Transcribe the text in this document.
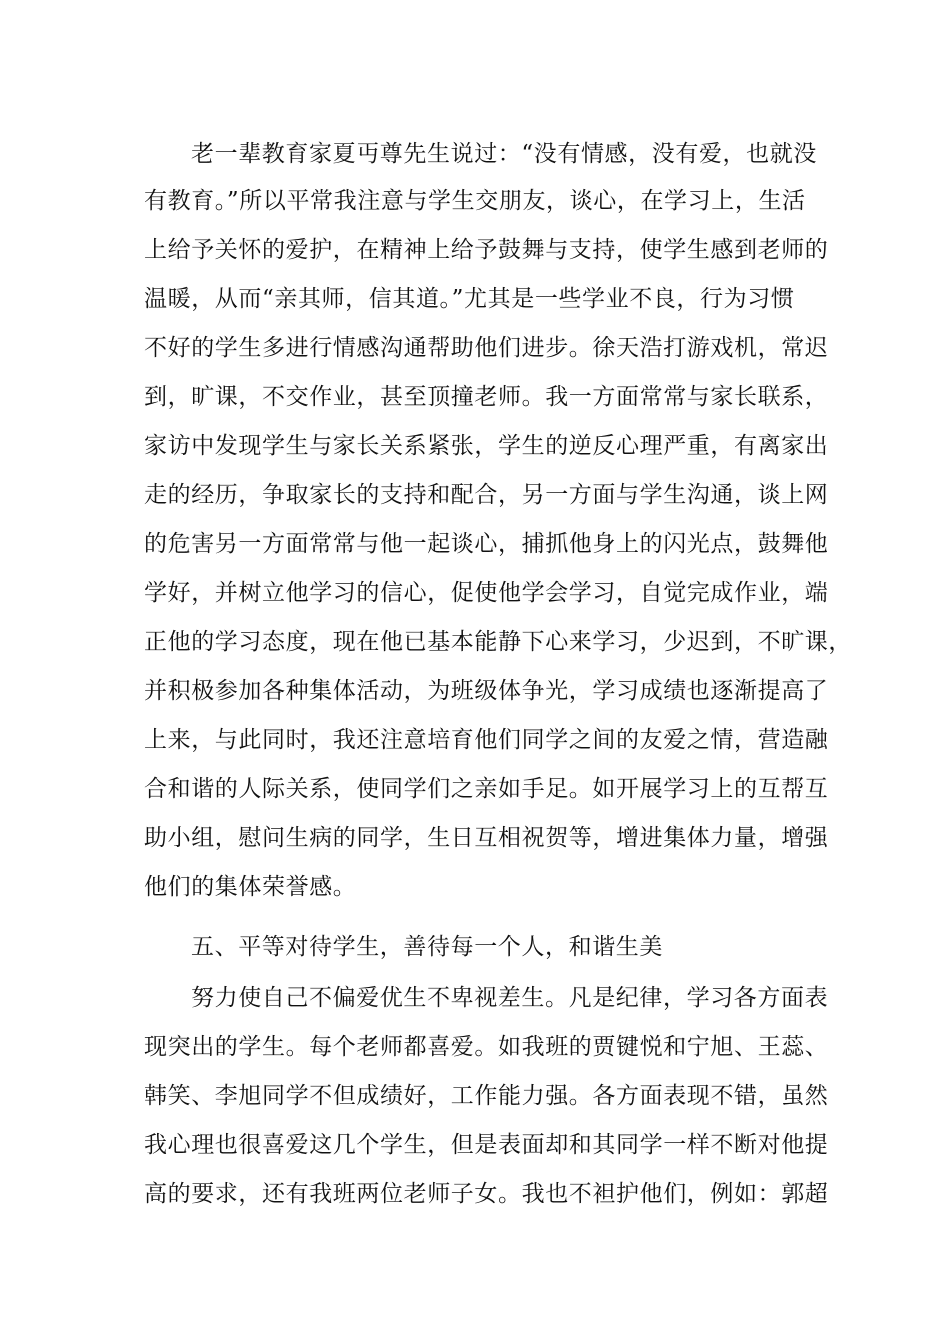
老一辈教育家夏丏尊先生说过：“没有情感，没有爱，也就没
有教育。”所以平常我注意与学生交朋友，谈心，在学习上，生活
上给予关怀的爱护，在精神上给予鼓舞与支持，使学生感到老师的
温暖，从而“亲其师，信其道。”尤其是一些学业不良，行为习惯
不好的学生多进行情感沟通帮助他们进步。徐天浩打游戏机，常迟
到，旷课，不交作业，甚至顶撞老师。我一方面常常与家长联系，
家访中发现学生与家长关系紧张，学生的逆反心理严重，有离家出
走的经历，争取家长的支持和配合，另一方面与学生沟通，谈上网
的危害另一方面常常与他一起谈心，捕抓他身上的闪光点，鼓舞他
学好，并树立他学习的信心，促使他学会学习，自觉完成作业，端
正他的学习态度，现在他已基本能静下心来学习，少迟到，不旷课，
并积极参加各种集体活动，为班级体争光，学习成绩也逐渐提高了
上来，与此同时，我还注意培育他们同学之间的友爱之情，营造融
合和谐的人际关系，使同学们之亲如手足。如开展学习上的互帮互
助小组，慰问生病的同学，生日互相祝贺等，增进集体力量，增强
他们的集体荣誉感。
五、平等对待学生，善待每一个人，和谐生美
努力使自己不偏爱优生不卑视差生。凡是纪律，学习各方面表
现突出的学生。每个老师都喜爱。如我班的贾键悦和宁旭、王蕊、
韩笑、李旭同学不但成绩好，工作能力强。各方面表现不错，虽然
我心理也很喜爱这几个学生，但是表面却和其同学一样不断对他提
高的要求，还有我班两位老师子女。我也不袒护他们，例如：郭超
